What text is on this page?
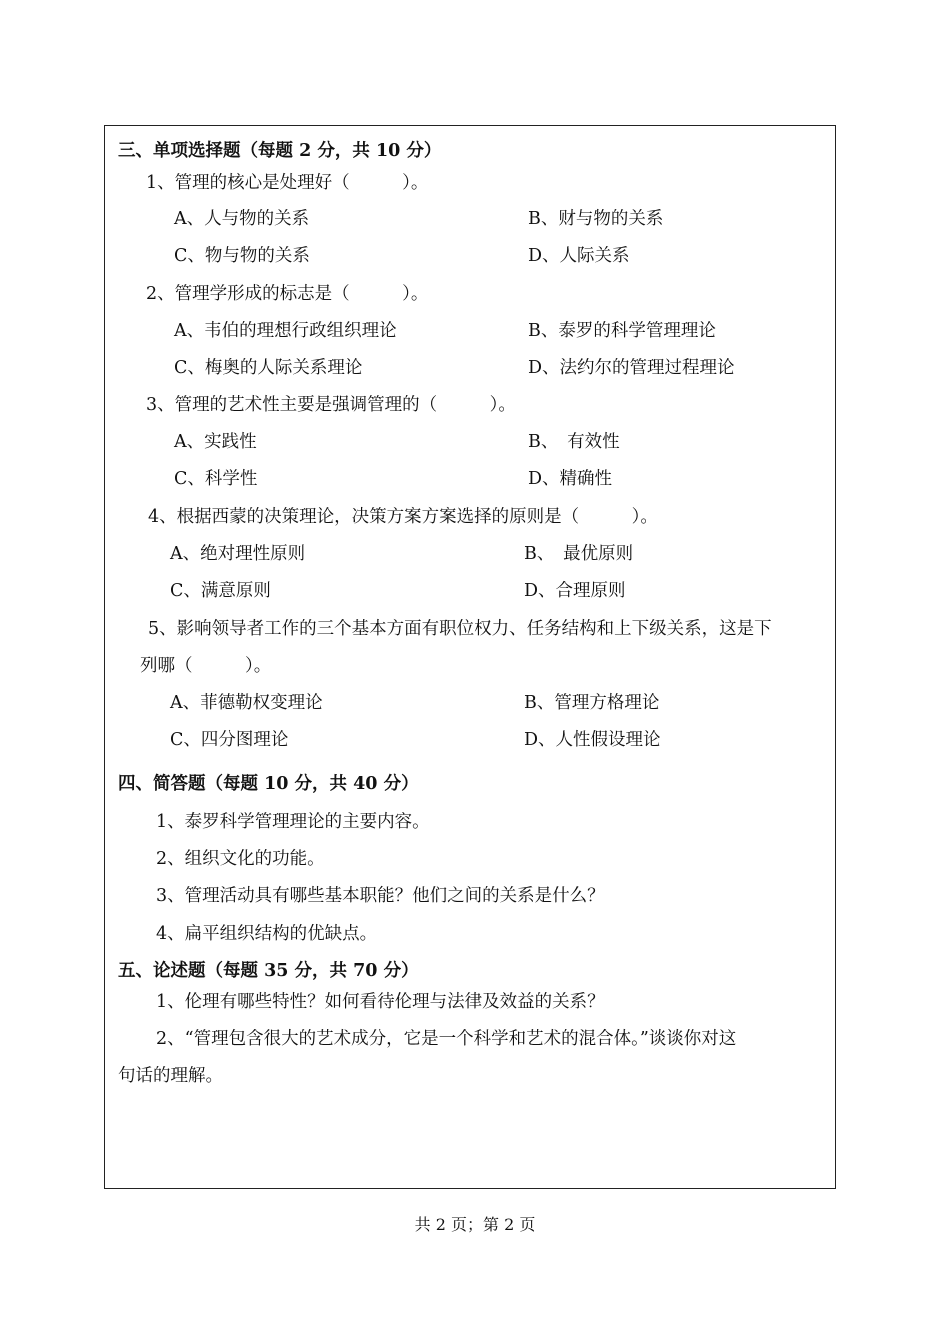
三、单项选择题（每题 2 分，共 10 分）
1、管理的核心是处理好（　　　）。
A、人与物的关系	B、财与物的关系
C、物与物的关系	D、人际关系
2、管理学形成的标志是（　　　）。
A、韦伯的理想行政组织理论	B、泰罗的科学管理理论
C、梅奥的人际关系理论	D、法约尔的管理过程理论
3、管理的艺术性主要是强调管理的（　　　）。
A、实践性	B、　有效性
C、科学性	D、精确性
4、根据西蒙的决策理论，决策方案方案选择的原则是（　　　）。
A、绝对理性原则	B、　最优原则
C、满意原则	D、合理原则
5、影响领导者工作的三个基本方面有职位权力、任务结构和上下级关系，这是下
列哪（　　　）。
A、菲德勒权变理论	B、管理方格理论
C、四分图理论	D、人性假设理论
四、简答题（每题 10 分，共 40 分）
1、泰罗科学管理理论的主要内容。
2、组织文化的功能。
3、管理活动具有哪些基本职能？他们之间的关系是什么？
4、扁平组织结构的优缺点。
五、论述题（每题 35 分，共 70 分）
1、伦理有哪些特性？如何看待伦理与法律及效益的关系？
2、“管理包含很大的艺术成分，它是一个科学和艺术的混合体。”谈谈你对这
句话的理解。
共 2 页；第 2 页
